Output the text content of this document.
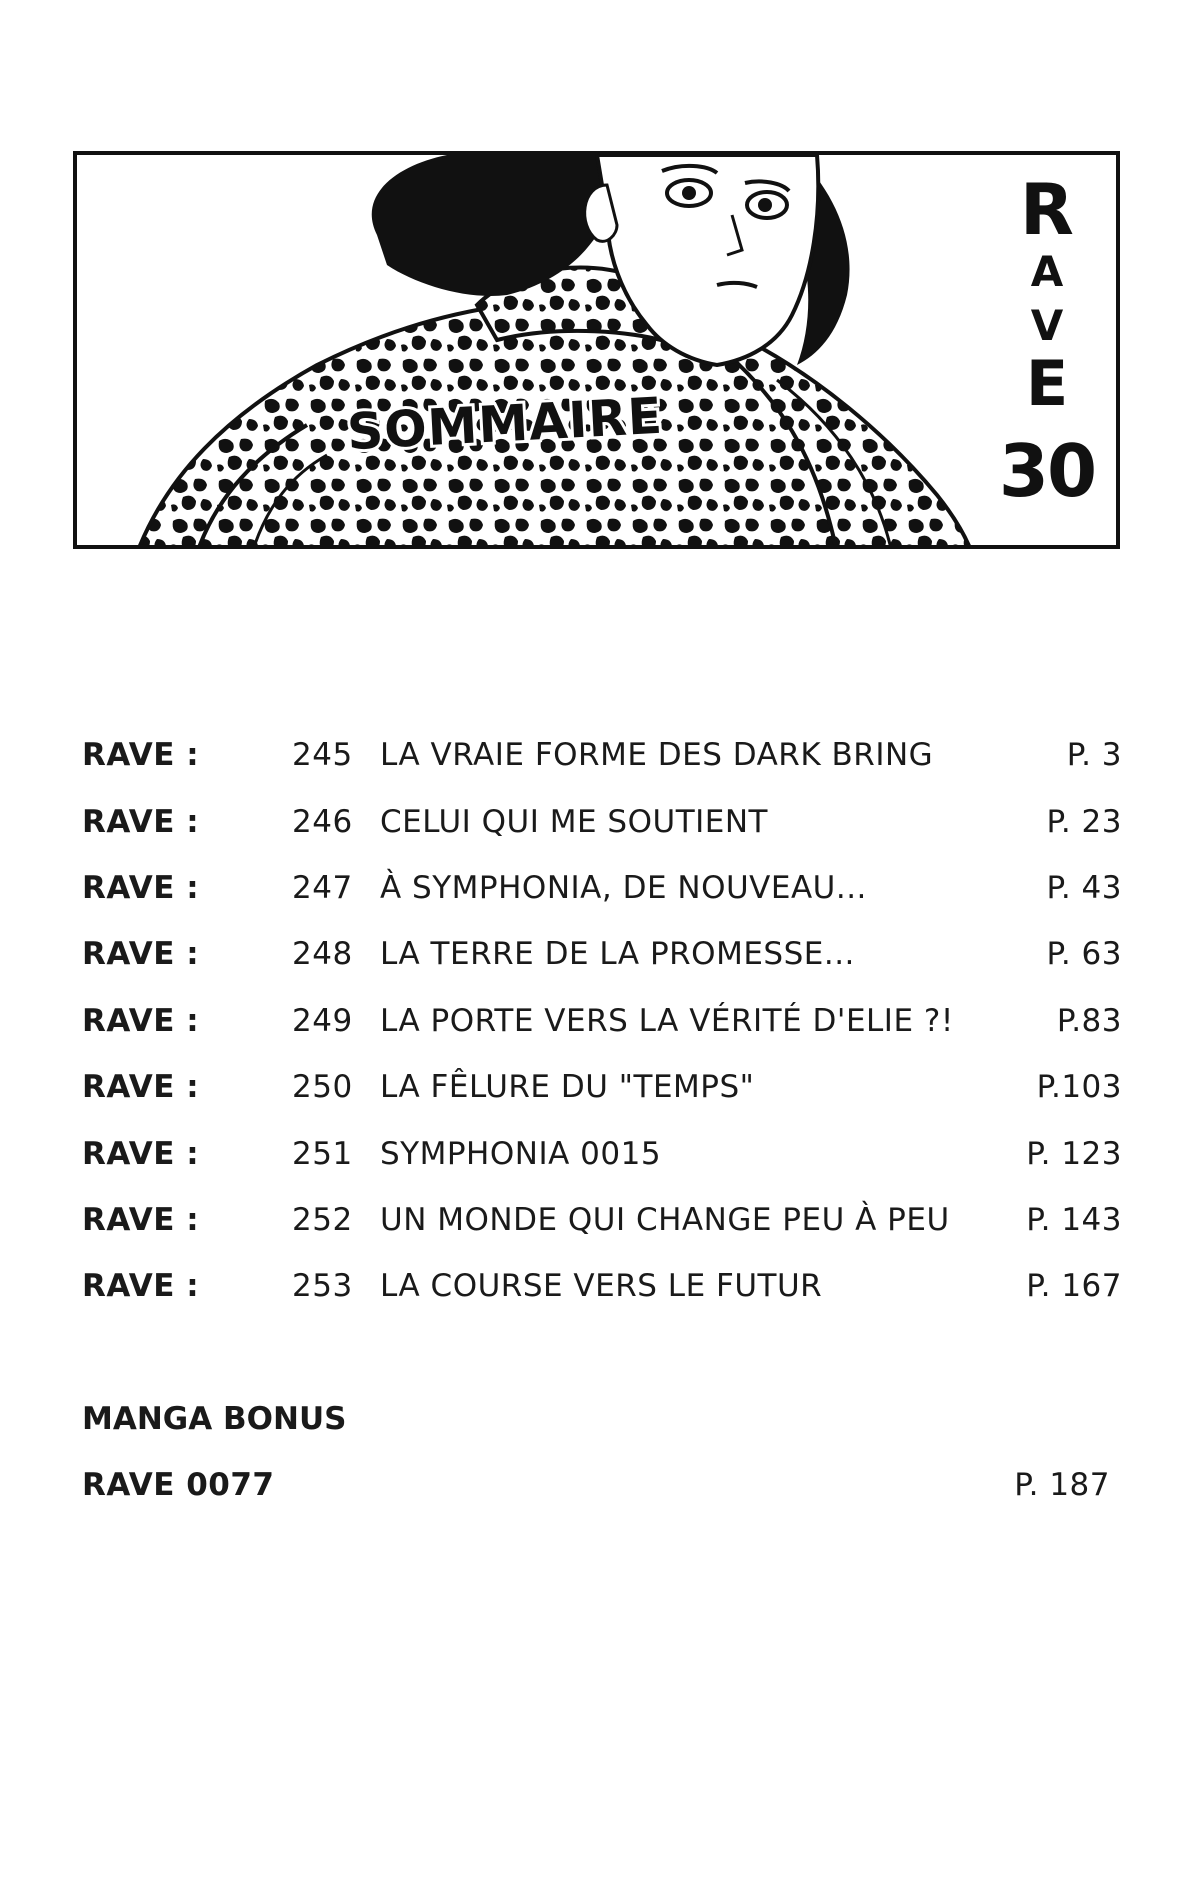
SOMMAIRE
R
A
V
E
30
RAVE :	245 LA VRAIE FORME DES DARK BRING	P. 3
RAVE :	246 CELUI QUI ME SOUTIENT	P. 23
RAVE :	247 À SYMPHONIA, DE NOUVEAU...	P. 43
RAVE :	248 LA TERRE DE LA PROMESSE...	P. 63
RAVE :	249 LA PORTE VERS LA VÉRITÉ D'ELIE ?!	P.83
RAVE :	250 LA FÊLURE DU "TEMPS"	P.103
RAVE :	251 SYMPHONIA 0015	P. 123
RAVE :	252 UN MONDE QUI CHANGE PEU À PEU	P. 143
RAVE :	253 LA COURSE VERS LE FUTUR	P. 167
MANGA BONUS
RAVE 0077	P. 187
